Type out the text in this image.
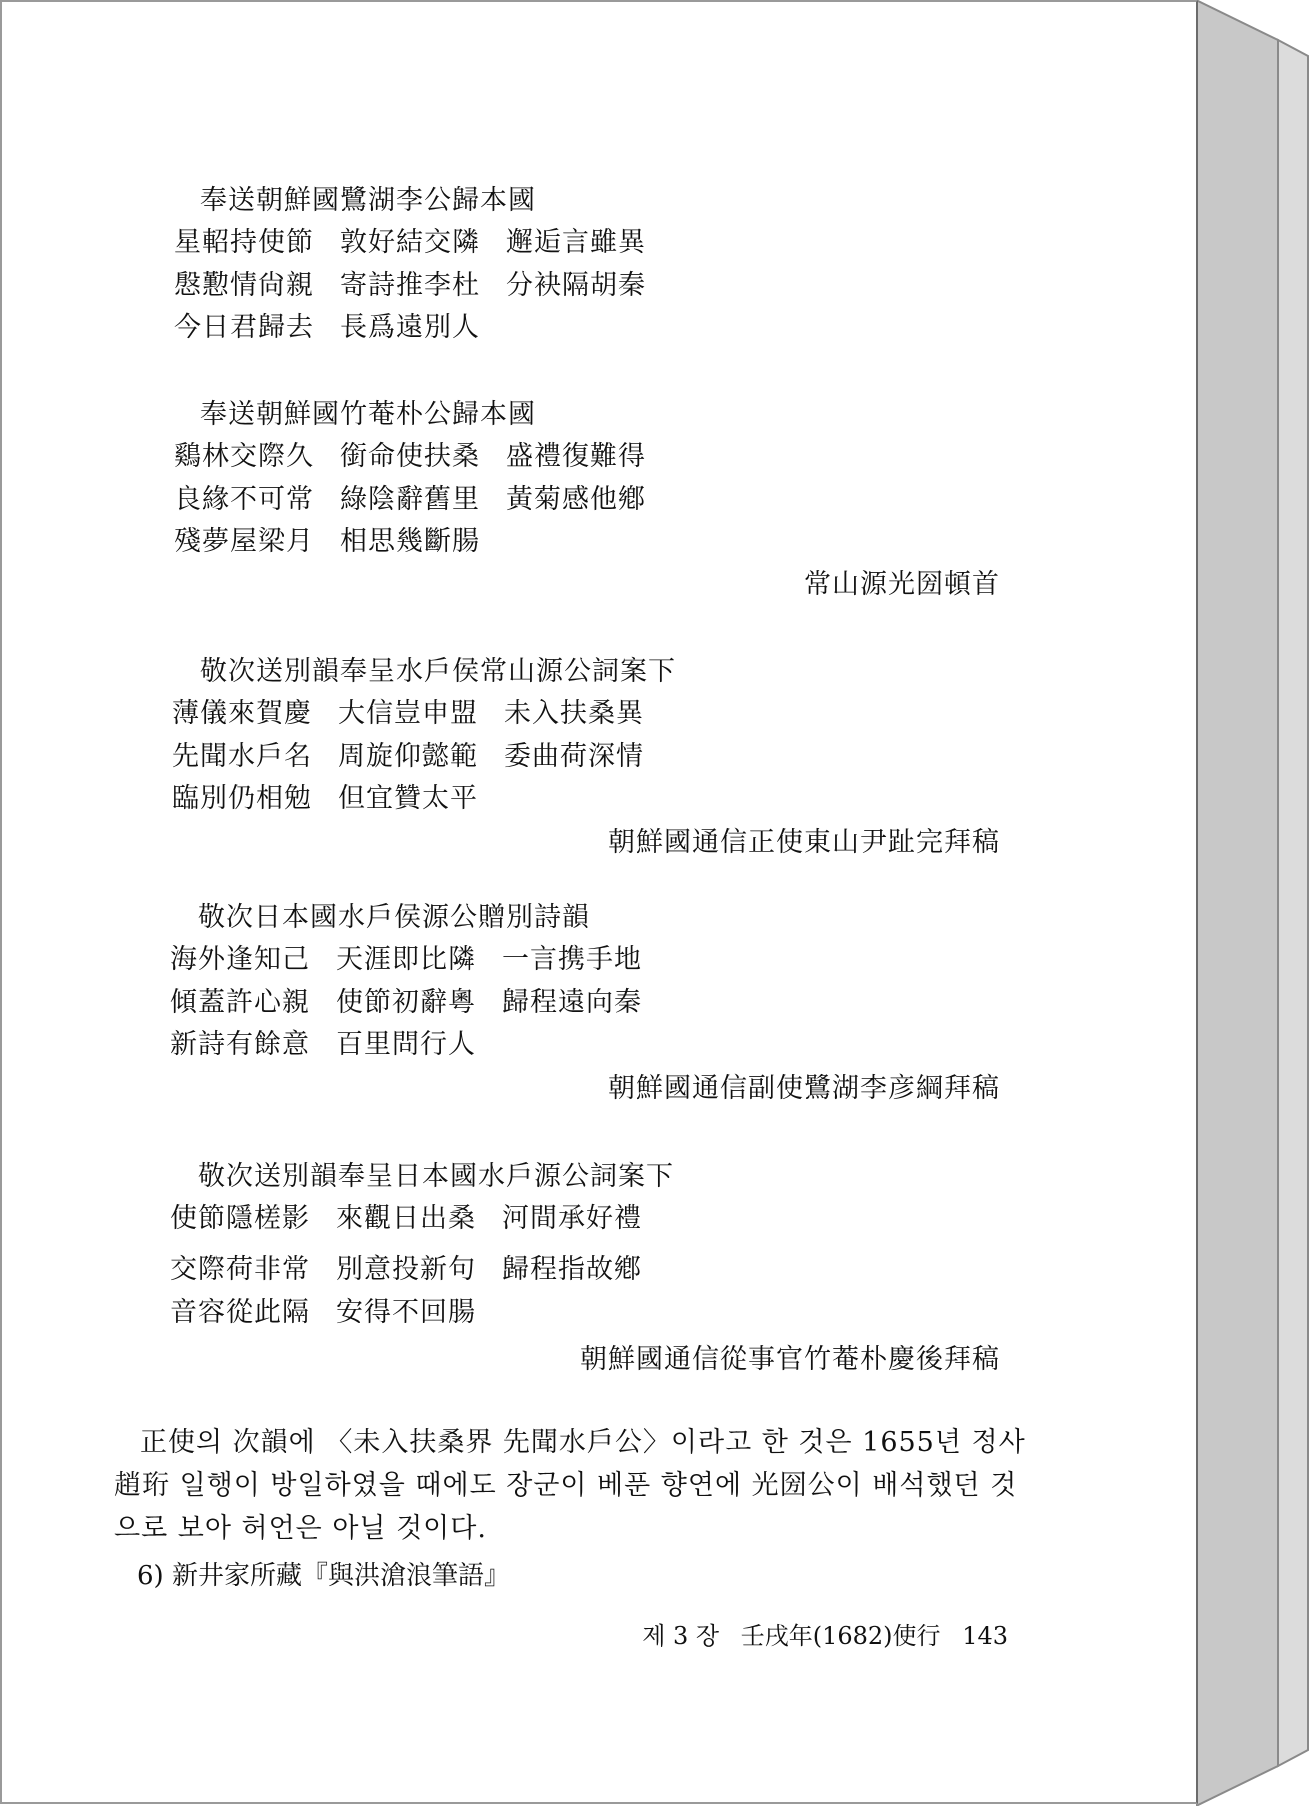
奉送朝鮮國鷺湖李公歸本國
星軺持使節 敦好結交隣 邂逅言雖異
慇懃情尙親 寄詩推李杜 分袂隔胡秦
今日君歸去 長爲遠別人
奉送朝鮮國竹菴朴公歸本國
鷄林交際久 銜命使扶桑 盛禮復難得
良緣不可常 綠陰辭舊里 黃菊感他鄕
殘夢屋梁月 相思幾斷腸
常山源光圀頓首
敬次送別韻奉呈水戶侯常山源公詞案下
薄儀來賀慶 大信豈申盟 未入扶桑異
先聞水戶名 周旋仰懿範 委曲荷深情
臨別仍相勉 但宜贊太平
朝鮮國通信正使東山尹趾完拜稿
敬次日本國水戶侯源公贈別詩韻
海外逢知己 天涯即比隣 一言携手地
傾蓋許心親 使節初辭粵 歸程遠向秦
新詩有餘意 百里問行人
朝鮮國通信副使鷺湖李彦綱拜稿
敬次送別韻奉呈日本國水戶源公詞案下
使節隱槎影 來觀日出桑 河間承好禮
交際荷非常 別意投新句 歸程指故鄕
音容從此隔 安得不回腸
朝鮮國通信從事官竹菴朴慶後拜稿

正使의 次韻에 〈未入扶桑界 先聞水戶公〉이라고 한 것은 1655년 정사 趙珩 일행이 방일하였을 때에도 장군이 베푼 향연에 光圀公이 배석했던 것으로 보아 허언은 아닐 것이다.

6) 新井家所藏『與洪滄浪筆語』
제 3 장 壬戌年(1682)使行 143
